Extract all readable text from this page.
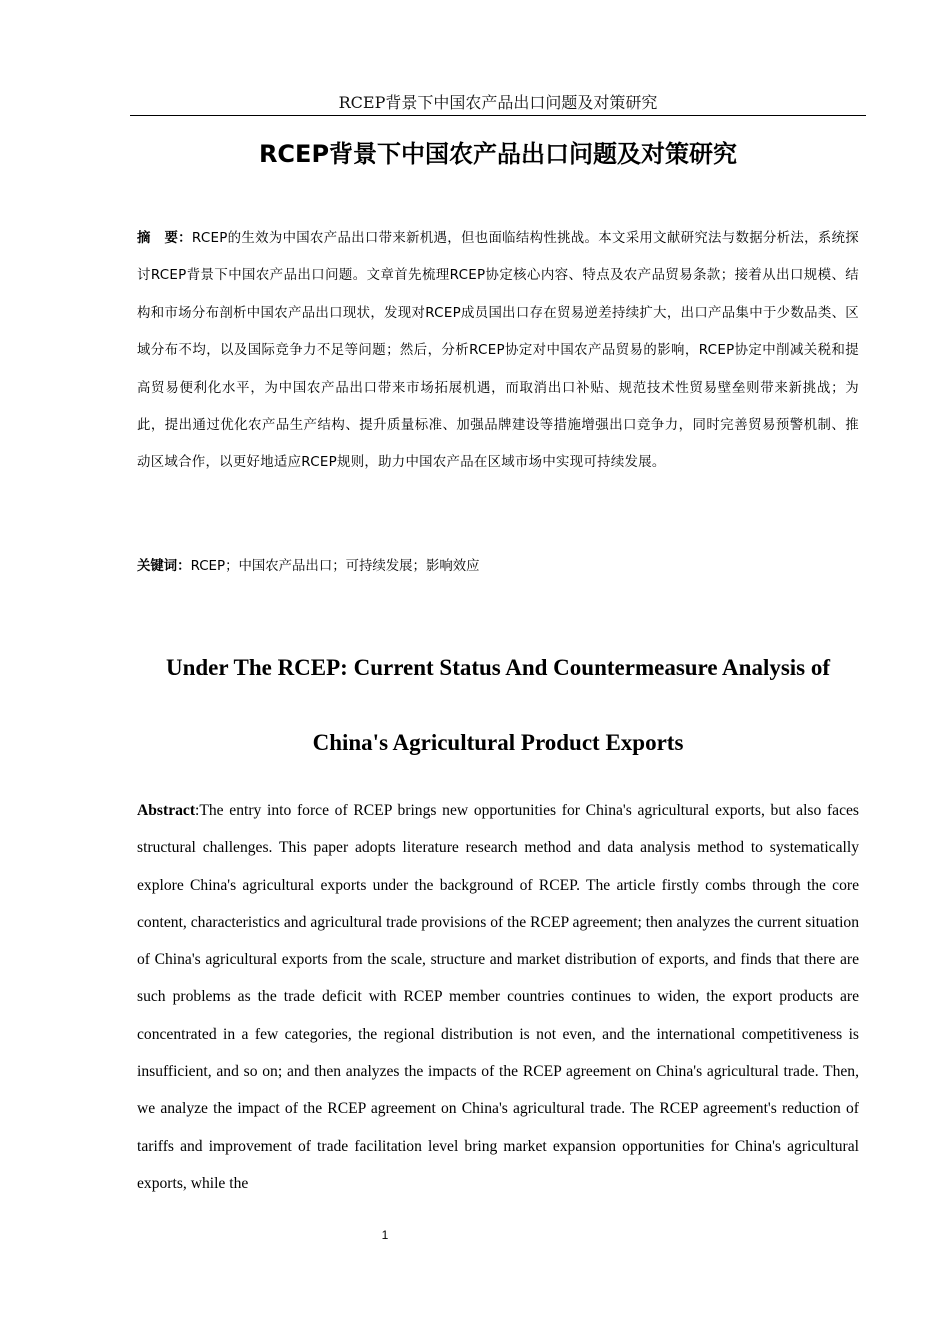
RCEP背景下中国农产品出口问题及对策研究
RCEP背景下中国农产品出口问题及对策研究

摘　要：RCEP的生效为中国农产品出口带来新机遇，但也面临结构性挑战。本文采用文献研究法与数据分析法，系统探讨RCEP背景下中国农产品出口问题。文章首先梳理RCEP协定核心内容、特点及农产品贸易条款；接着从出口规模、结构和市场分布剖析中国农产品出口现状，发现对RCEP成员国出口存在贸易逆差持续扩大，出口产品集中于少数品类、区域分布不均，以及国际竞争力不足等问题；然后，分析RCEP协定对中国农产品贸易的影响，RCEP协定中削减关税和提高贸易便利化水平，为中国农产品出口带来市场拓展机遇，而取消出口补贴、规范技术性贸易壁垒则带来新挑战；为此，提出通过优化农产品生产结构、提升质量标准、加强品牌建设等措施增强出口竞争力，同时完善贸易预警机制、推动区域合作，以更好地适应RCEP规则，助力中国农产品在区域市场中实现可持续发展。

关键词：RCEP；中国农产品出口；可持续发展；影响效应

Under The RCEP: Current Status And Countermeasure Analysis of
China's Agricultural Product Exports

Abstract:The entry into force of RCEP brings new opportunities for China's agricultural exports, but also faces structural challenges. This paper adopts literature research method and data analysis method to systematically explore China's agricultural exports under the background of RCEP. The article firstly combs through the core content, characteristics and agricultural trade provisions of the RCEP agreement; then analyzes the current situation of China's agricultural exports from the scale, structure and market distribution of exports, and finds that there are such problems as the trade deficit with RCEP member countries continues to widen, the export products are concentrated in a few categories, the regional distribution is not even, and the international competitiveness is insufficient, and so on; and then analyzes the impacts of the RCEP agreement on China's agricultural trade. Then, we analyze the impact of the RCEP agreement on China's agricultural trade. The RCEP agreement's reduction of tariffs and improvement of trade facilitation level bring market expansion opportunities for China's agricultural exports, while the

1
